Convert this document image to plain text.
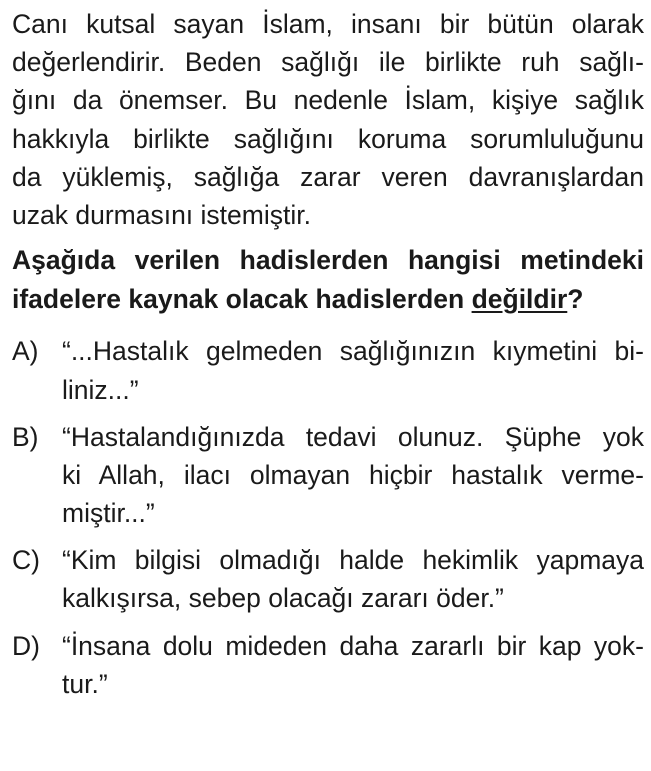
Canı kutsal sayan İslam, insanı bir bütün olarak
değerlendirir. Beden sağlığı ile birlikte ruh sağlı-
ğını da önemser. Bu nedenle İslam, kişiye sağlık
hakkıyla birlikte sağlığını koruma sorumluluğunu
da yüklemiş, sağlığa zarar veren davranışlardan
uzak durmasını istemiştir.
Aşağıda verilen hadislerden hangisi metindeki
ifadelere kaynak olacak hadislerden değildir?
A) “...Hastalık gelmeden sağlığınızın kıymetini bi-
liniz...”
B) “Hastalandığınızda tedavi olunuz. Şüphe yok
ki Allah, ilacı olmayan hiçbir hastalık verme-
miştir...”
C) “Kim bilgisi olmadığı halde hekimlik yapmaya
kalkışırsa, sebep olacağı zararı öder.”
D) “İnsana dolu mideden daha zararlı bir kap yok-
tur.”
